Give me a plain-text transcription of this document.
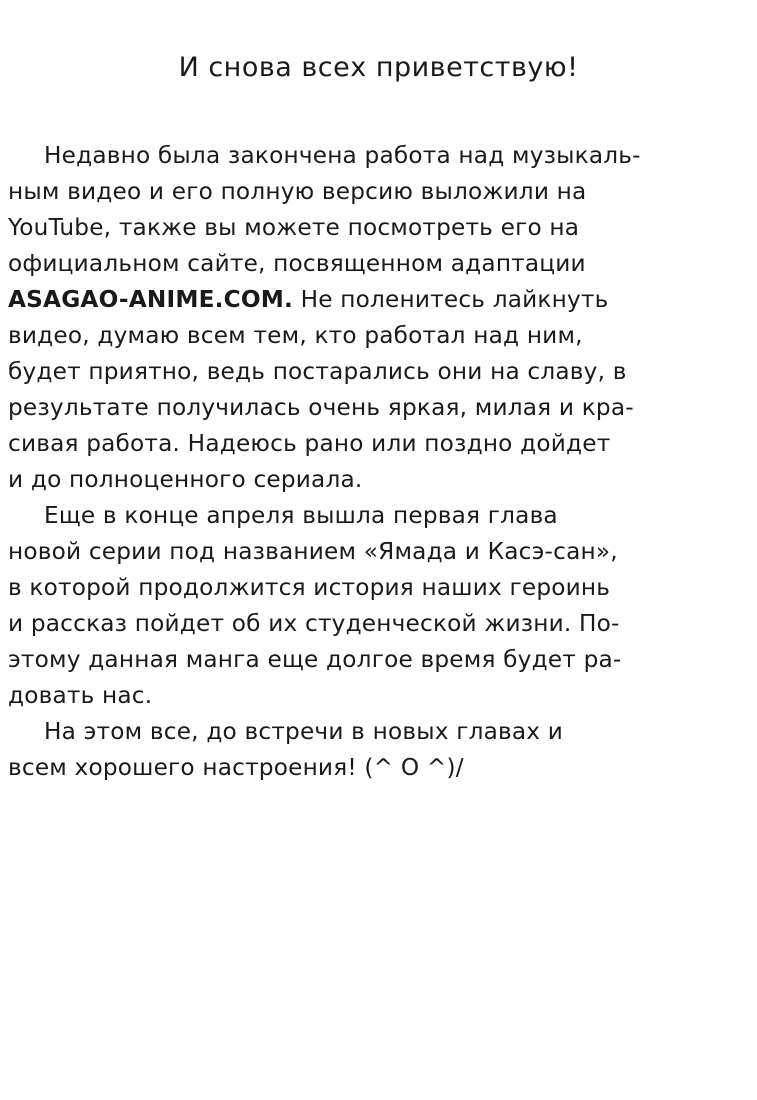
И снова всех приветствую!
Недавно была закончена работа над музыкаль-
ным видео и его полную версию выложили на
YouTube, также вы можете посмотреть его на
официальном сайте, посвященном адаптации
ASAGAO-ANIME.COM. Не поленитесь лайкнуть
видео, думаю всем тем, кто работал над ним,
будет приятно, ведь постарались они на славу, в
результате получилась очень яркая, милая и кра-
сивая работа. Надеюсь рано или поздно дойдет
и до полноценного сериала.
Еще в конце апреля вышла первая глава
новой серии под названием «Ямада и Касэ-сан»,
в которой продолжится история наших героинь
и рассказ пойдет об их студенческой жизни. По-
этому данная манга еще долгое время будет ра-
довать нас.
На этом все, до встречи в новых главах и
всем хорошего настроения! (^ O ^)/
